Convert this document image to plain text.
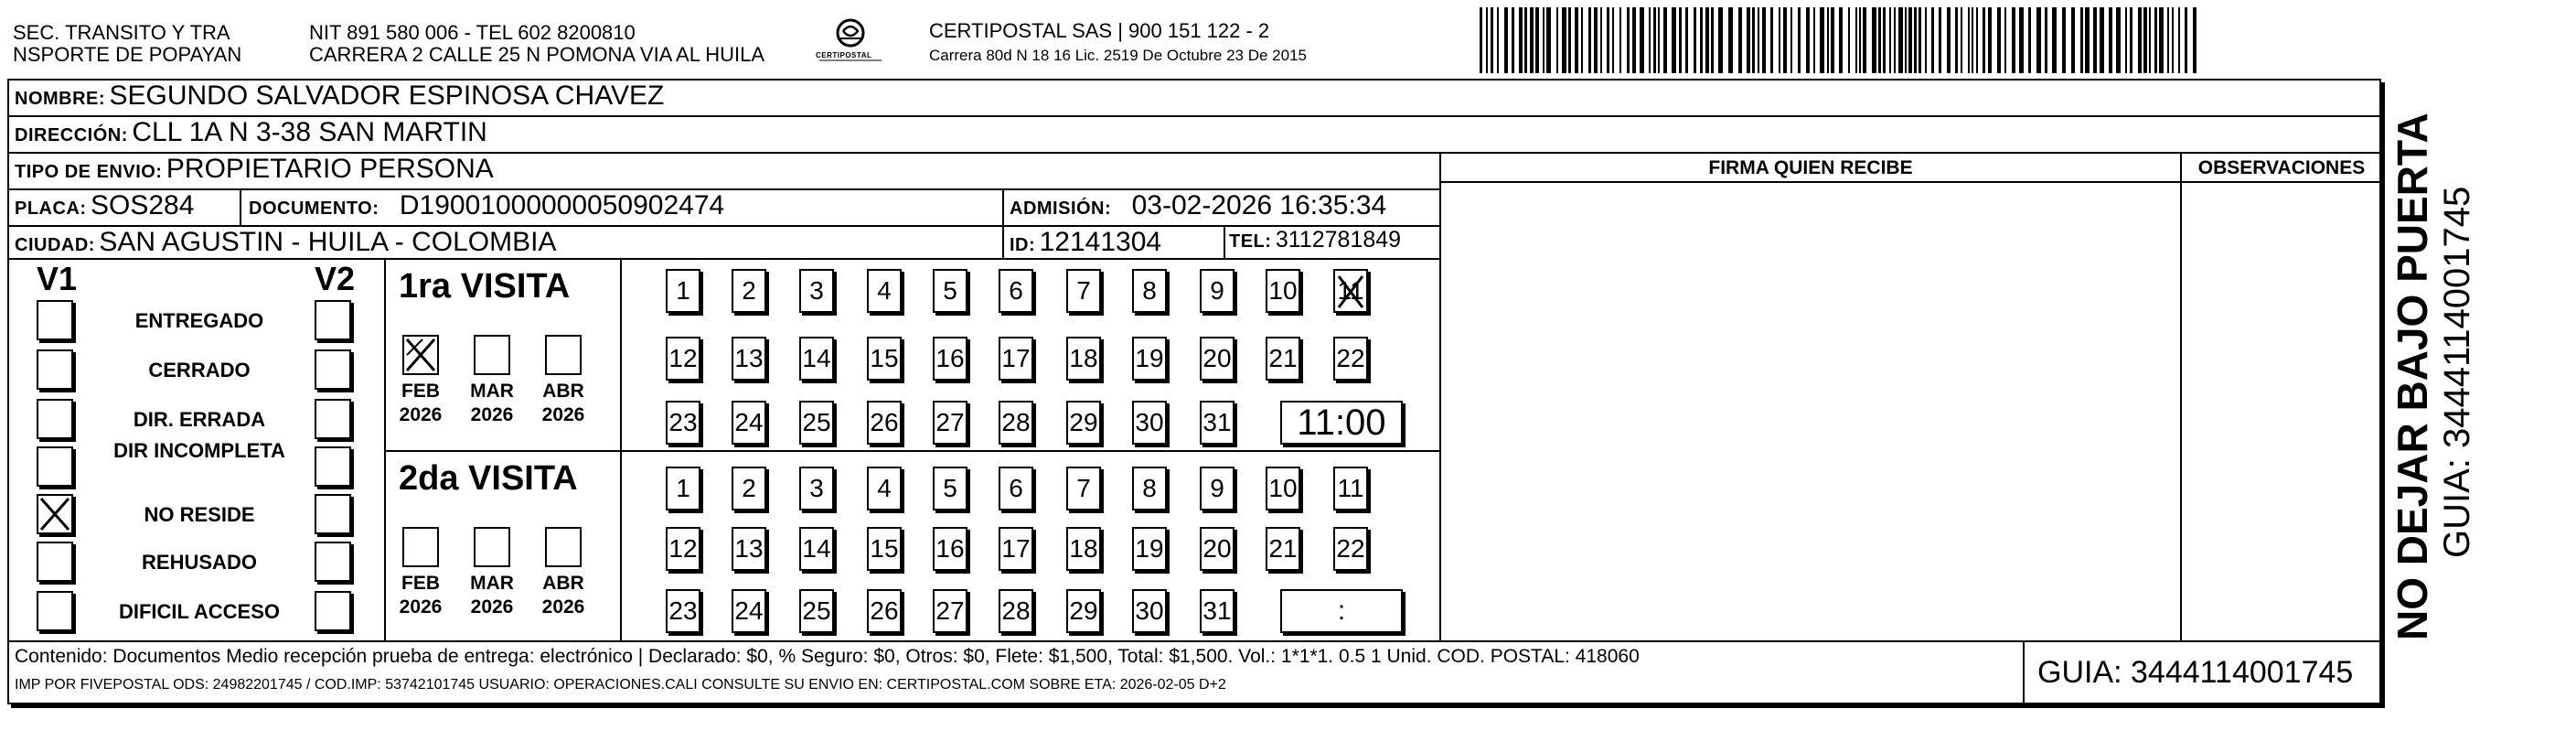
SEC. TRANSITO Y TRA
NSPORTE DE POPAYAN
NIT 891 580 006 - TEL 602 8200810
CARRERA 2 CALLE 25 N POMONA VIA AL HUILA	CERTIPOSTAL
CERTIPOSTAL SAS | 900 151 122 - 2
Carrera 80d N 18 16 Lic. 2519 De Octubre 23 De 2015
NOMBRE: SEGUNDO SALVADOR ESPINOSA CHAVEZ
DIRECCIÓN: CLL 1A N 3-38 SAN MARTIN
TIPO DE ENVIO: PROPIETARIO PERSONA
PLACA: SOS284	DOCUMENTO: D19001000000050902474	ADMISIÓN: 03-02-2026 16:35:34
CIUDAD: SAN AGUSTIN - HUILA - COLOMBIA	ID: 12141304	TEL: 3112781849
FIRMA QUIEN RECIBE	OBSERVACIONES
V1	V2
ENTREGADO
CERRADO
DIR. ERRADA
DIR INCOMPLETA
NO RESIDE
REHUSADO
DIFICIL ACCESO
1ra VISITA
2da VISITA
FEB
2026
MAR
2026
ABR
2026
FEB
2026
MAR
2026
ABR
2026
1	2	3	4	5	6	7	8	9	10 11
12 13 14 15 16 17 18 19 20 21 22
23 24 25 26 27 28 29 30 31	11:00
1	2	3	4	5	6	7	8	9	10 11
12 13 14 15 16 17 18 19 20 21 22
23 24 25 26 27 28 29 30 31	:
Contenido: Documentos Medio recepción prueba de entrega: electrónico | Declarado: $0, % Seguro: $0, Otros: $0, Flete: $1,500, Total: $1,500. Vol.: 1*1*1. 0.5 1 Unid. COD. POSTAL: 418060
IMP POR FIVEPOSTAL ODS: 24982201745 / COD.IMP: 53742101745 USUARIO: OPERACIONES.CALI CONSULTE SU ENVIO EN: CERTIPOSTAL.COM SOBRE ETA: 2026-02-05 D+2	GUIA: 3444114001745
NO DEJAR BAJO PUERTA GUIA: 3444114001745
